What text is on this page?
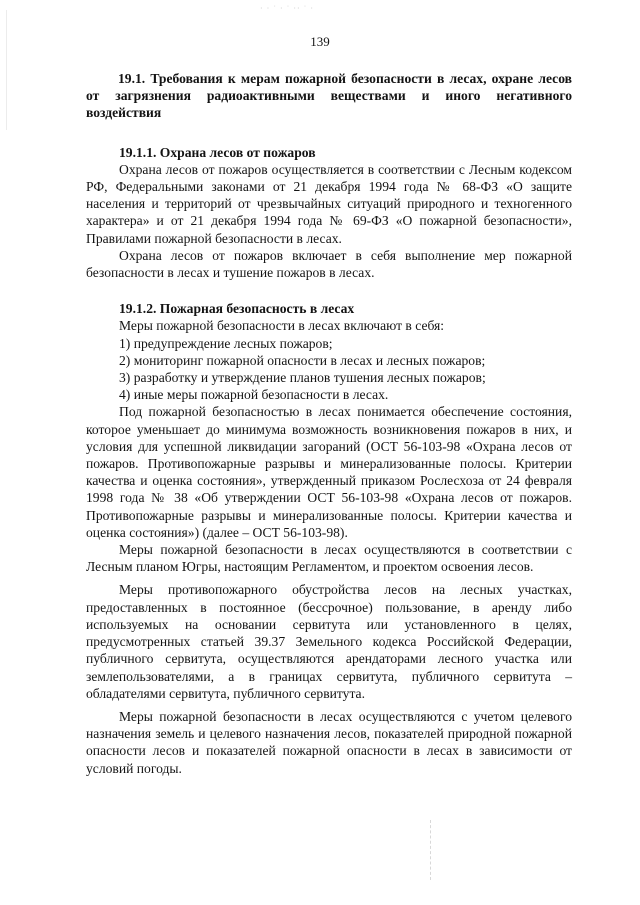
· · ˙ · ˙ ·· ˙ ·
139

19.1. Требования к мерам пожарной безопасности в лесах, охране лесов от загрязнения радиоактивными веществами и иного негативного воздействия

19.1.1. Охрана лесов от пожаров

Охрана лесов от пожаров осуществляется в соответствии с Лесным кодексом РФ, Федеральными законами от 21 декабря 1994 года № 68-ФЗ «О защите населения и территорий от чрезвычайных ситуаций природного и техногенного характера» и от 21 декабря 1994 года № 69-ФЗ «О пожарной безопасности», Правилами пожарной безопасности в лесах.

Охрана лесов от пожаров включает в себя выполнение мер пожарной безопасности в лесах и тушение пожаров в лесах.

19.1.2. Пожарная безопасность в лесах

Меры пожарной безопасности в лесах включают в себя:

1) предупреждение лесных пожаров;

2) мониторинг пожарной опасности в лесах и лесных пожаров;

3) разработку и утверждение планов тушения лесных пожаров;

4) иные меры пожарной безопасности в лесах.

Под пожарной безопасностью в лесах понимается обеспечение состояния, которое уменьшает до минимума возможность возникновения пожаров в них, и условия для успешной ликвидации загораний (ОСТ 56-103-98 «Охрана лесов от пожаров. Противопожарные разрывы и минерализованные полосы. Критерии качества и оценка состояния», утвержденный приказом Рослесхоза от 24 февраля 1998 года № 38 «Об утверждении ОСТ 56-103-98 «Охрана лесов от пожаров. Противопожарные разрывы и минерализованные полосы. Критерии качества и оценка состояния») (далее – ОСТ 56-103-98).

Меры пожарной безопасности в лесах осуществляются в соответствии с Лесным планом Югры, настоящим Регламентом, и проектом освоения лесов.

Меры противопожарного обустройства лесов на лесных участках, предоставленных в постоянное (бессрочное) пользование, в аренду либо используемых на основании сервитута или установленного в целях, предусмотренных статьей 39.37 Земельного кодекса Российской Федерации, публичного сервитута, осуществляются арендаторами лесного участка или землепользователями, а в границах сервитута, публичного сервитута – обладателями сервитута, публичного сервитута.

Меры пожарной безопасности в лесах осуществляются с учетом целевого назначения земель и целевого назначения лесов, показателей природной пожарной опасности лесов и показателей пожарной опасности в лесах в зависимости от условий погоды.
